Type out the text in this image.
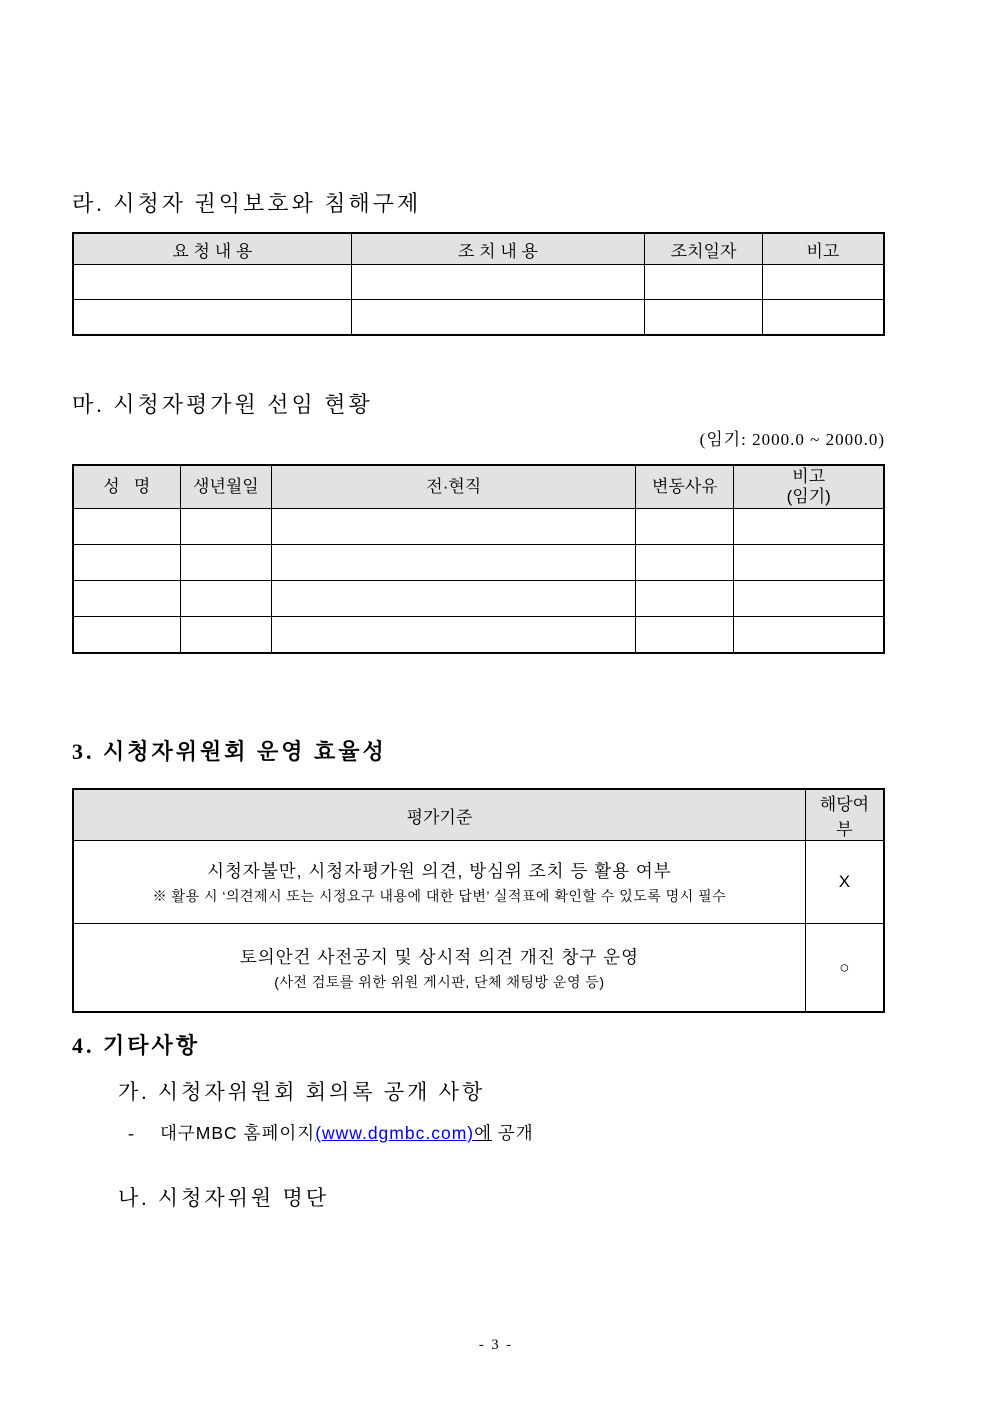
라. 시청자 권익보호와 침해구제
요 청 내 용	조 치 내 용	조치일자	비고

마. 시청자평가원 선임 현황
(임기: 2000.0 ~ 2000.0)
성   명	생년월일	전·현직	변동사유	비고
(임기)

3. 시청자위원회 운영 효율성
평가기준	해당여부

시청자불만, 시청자평가원 의견, 방심위 조치 등 활용 여부
※ 활용 시 ‘의견제시 또는 시정요구 내용에 대한 답변’ 실적표에 확인할 수 있도록 명시 필수	X

토의안건 사전공지 및 상시적 의견 개진 창구 운영
(사전 검토를 위한 위원 게시판, 단체 채팅방 운영 등)	○
4. 기타사항
가. 시청자위원회 회의록 공개 사항
- 대구MBC 홈페이지(www.dgmbc.com)에 공개
나. 시청자위원 명단
- 3 -
